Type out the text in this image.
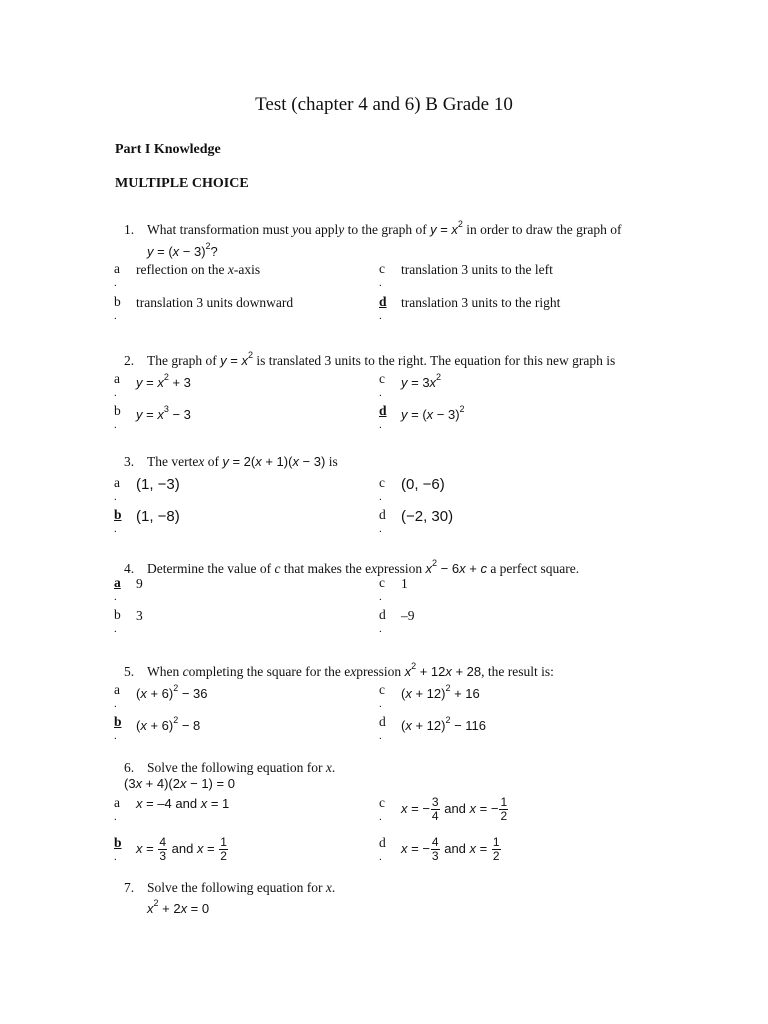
Test (chapter 4 and 6) B Grade 10
Part I Knowledge
MULTIPLE CHOICE
1. What transformation must you apply to the graph of $y = x^2$ in order to draw the graph of
$y = (x - 3)^2$?
a
.
reflection on the x-axis
b
.
translation 3 units downward
c
.
translation 3 units to the left
d
.
translation 3 units to the right
2. The graph of $y = x^2$ is translated 3 units to the right. The equation for this new graph is
a
.
$y = x^2 + 3$
b
.
$y = x^3 - 3$
c
.
$y = 3x^2$
d
.
$y = (x - 3)^2$
3. The vertex of y = 2(x + 1)(x − 3) is
a
.
(1, −3)
b
.
(1, −8)
c
.
(0, −6)
d
.
(−2, 30)
4. Determine the value of c that makes the expression $x^2 - 6x + c$ a perfect square.
a
.
9
b
.
3
c
.
1
d
.
–9
5. When completing the square for the expression $x^2 + 12x + 28$, the result is:
a
.
$(x + 6)^2 - 36$
b
.
$(x + 6)^2 - 8$
c
.
$(x + 12)^2 + 16$
d
.
$(x + 12)^2 - 116$
6. Solve the following equation for x.
(3x + 4)(2x − 1) = 0
a
.
x = –4 and x = 1
b
.
$x = \frac{4}{3}$ and $x = \frac{1}{2}$
c
.
x = − $\frac{3}{4}$ and x = − $\frac{1}{2}$
d
.
x = − $\frac{4}{3}$ and $x = \frac{1}{2}$
7. Solve the following equation for x.
$x^2 + 2x = 0$
